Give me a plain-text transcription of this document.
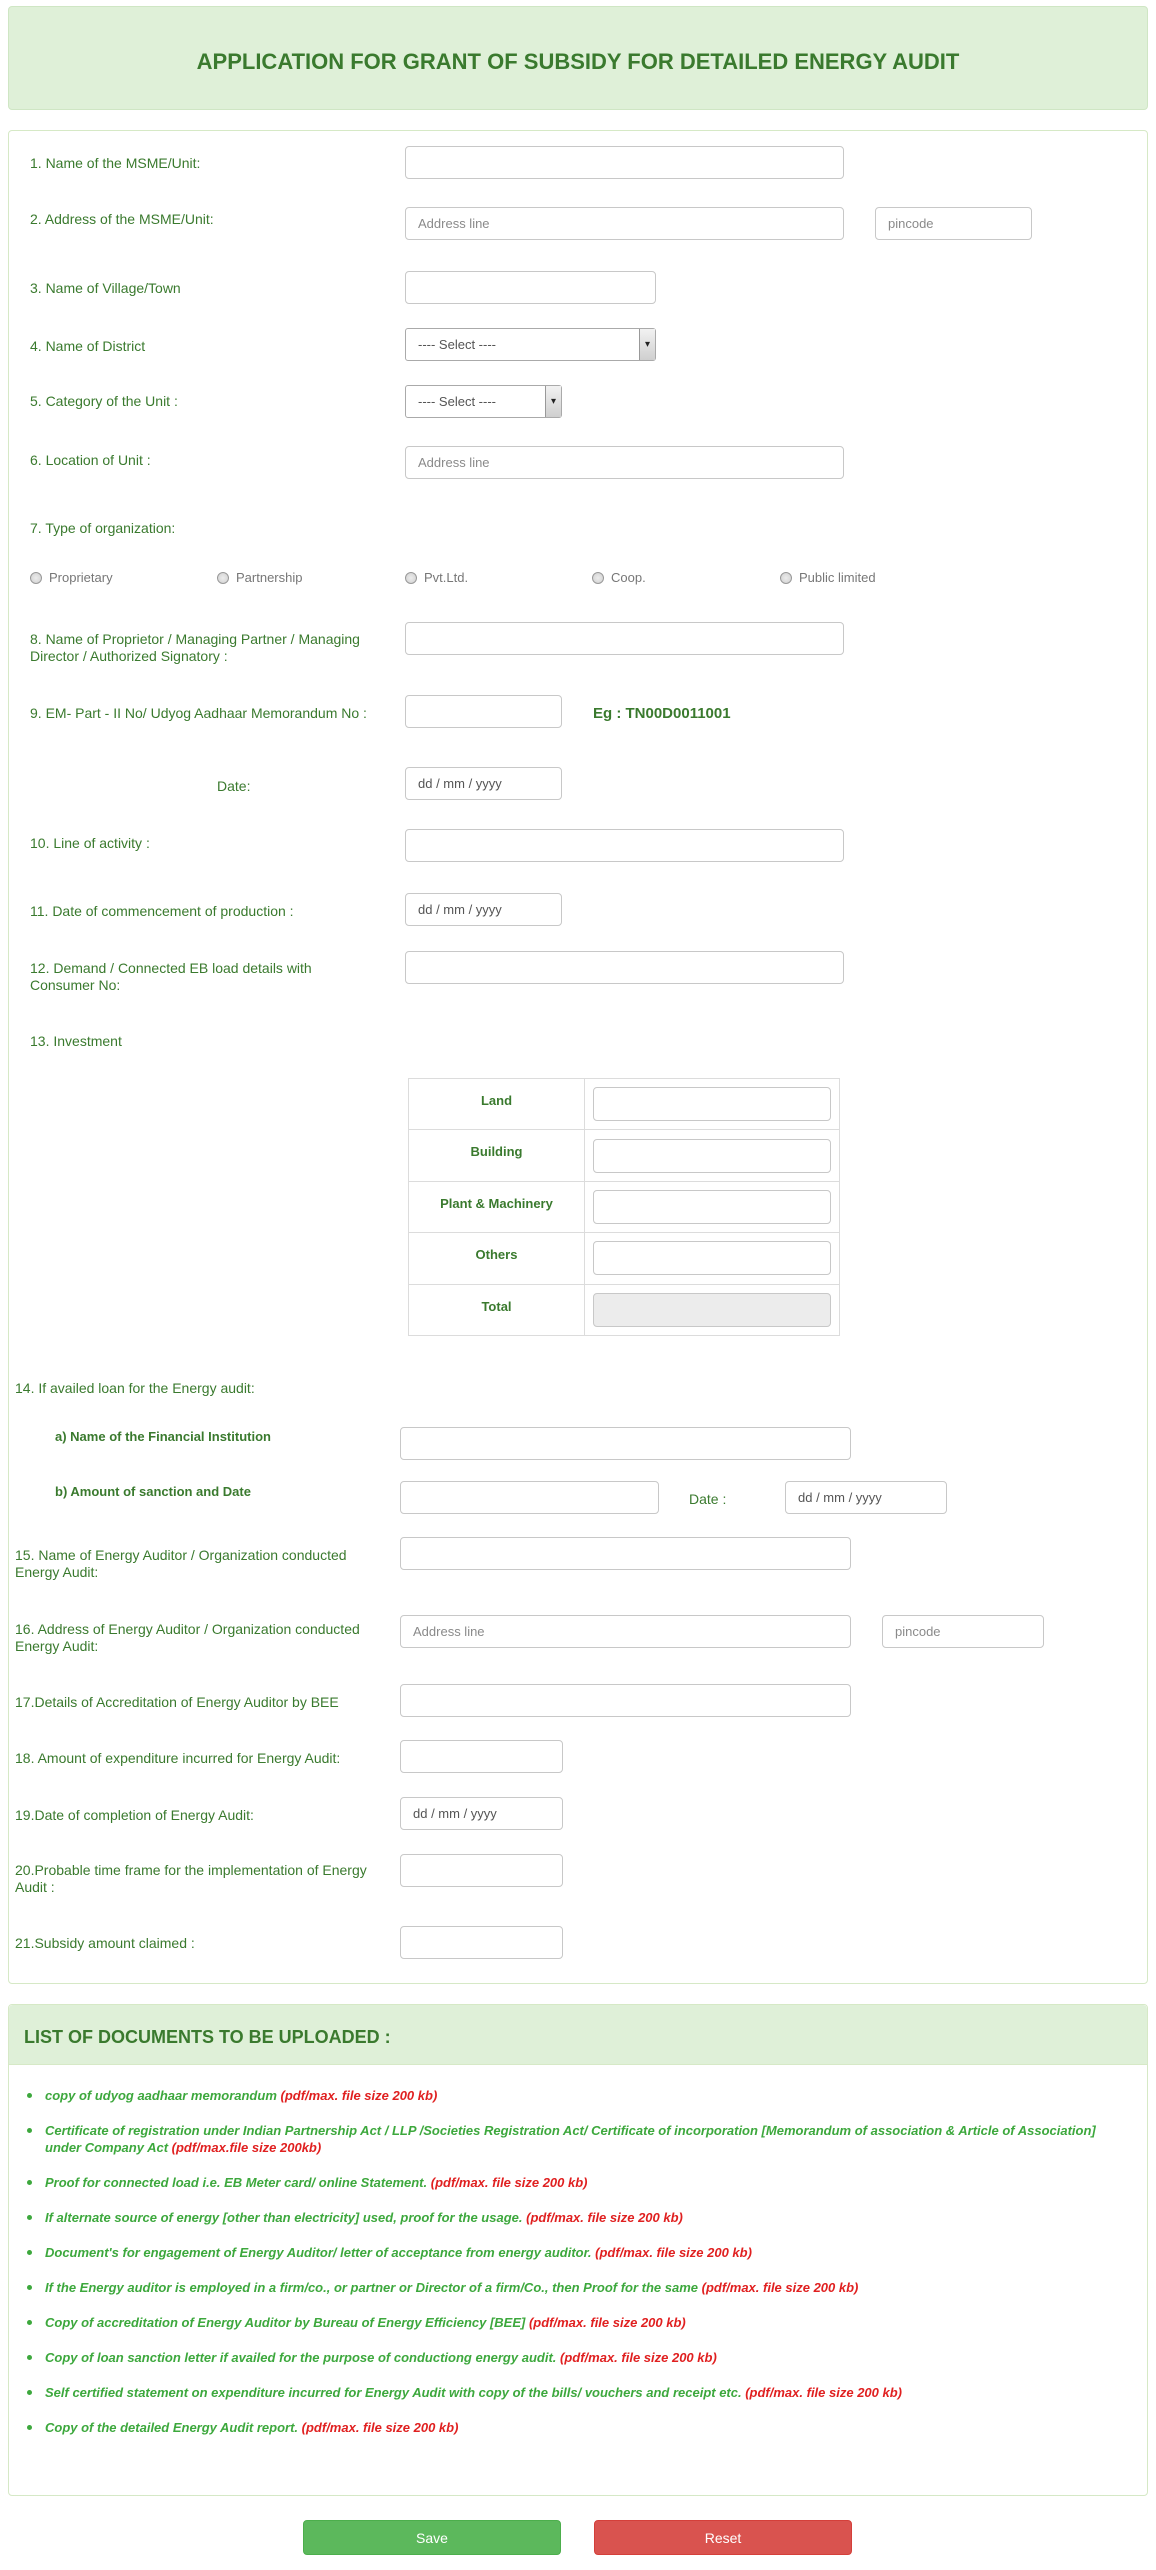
APPLICATION FOR GRANT OF SUBSIDY FOR DETAILED ENERGY AUDIT
1. Name of the MSME/Unit:
2. Address of the MSME/Unit:	Address line	pincode
3. Name of Village/Town
4. Name of District	---- Select ----	▾
5. Category of the Unit :	---- Select ----	▾
6. Location of Unit :	Address line
7. Type of organization:
Proprietary	Partnership	Pvt.Ltd.	Coop.	Public limited
8. Name of Proprietor / Managing Partner / Managing Director / Authorized Signatory :
9. EM- Part - II No/ Udyog Aadhaar Memorandum No :	Eg : TN00D0011001
Date:	dd / mm / yyyy
10. Line of activity :
11. Date of commencement of production :	dd / mm / yyyy
12. Demand / Connected EB load details with Consumer No:
13. Investment
Land	

Building	

Plant & Machinery	

Others	

Total	
14. If availed loan for the Energy audit:
a) Name of the Financial Institution
b) Amount of sanction and Date	Date :	dd / mm / yyyy
15. Name of Energy Auditor / Organization conducted Energy Audit:
16. Address of Energy Auditor / Organization conducted Energy Audit:
Address line	pincode
17.Details of Accreditation of Energy Auditor by BEE
18. Amount of expenditure incurred for Energy Audit:
19.Date of completion of Energy Audit:	dd / mm / yyyy
20.Probable time frame for the implementation of Energy Audit :
21.Subsidy amount claimed :
LIST OF DOCUMENTS TO BE UPLOADED :
copy of udyog aadhaar memorandum (pdf/max. file size 200 kb)
Certificate of registration under Indian Partnership Act / LLP /Societies Registration Act/ Certificate of incorporation [Memorandum of association & Article of Association] under Company Act (pdf/max.file size 200kb)
Proof for connected load i.e. EB Meter card/ online Statement. (pdf/max. file size 200 kb)
If alternate source of energy [other than electricity] used, proof for the usage. (pdf/max. file size 200 kb)
Document's for engagement of Energy Auditor/ letter of acceptance from energy auditor. (pdf/max. file size 200 kb)
If the Energy auditor is employed in a firm/co., or partner or Director of a firm/Co., then Proof for the same (pdf/max. file size 200 kb)
Copy of accreditation of Energy Auditor by Bureau of Energy Efficiency [BEE] (pdf/max. file size 200 kb)
Copy of loan sanction letter if availed for the purpose of conductiong energy audit. (pdf/max. file size 200 kb)
Self certified statement on expenditure incurred for Energy Audit with copy of the bills/ vouchers and receipt etc. (pdf/max. file size 200 kb)
Copy of the detailed Energy Audit report. (pdf/max. file size 200 kb)
Save	Reset
